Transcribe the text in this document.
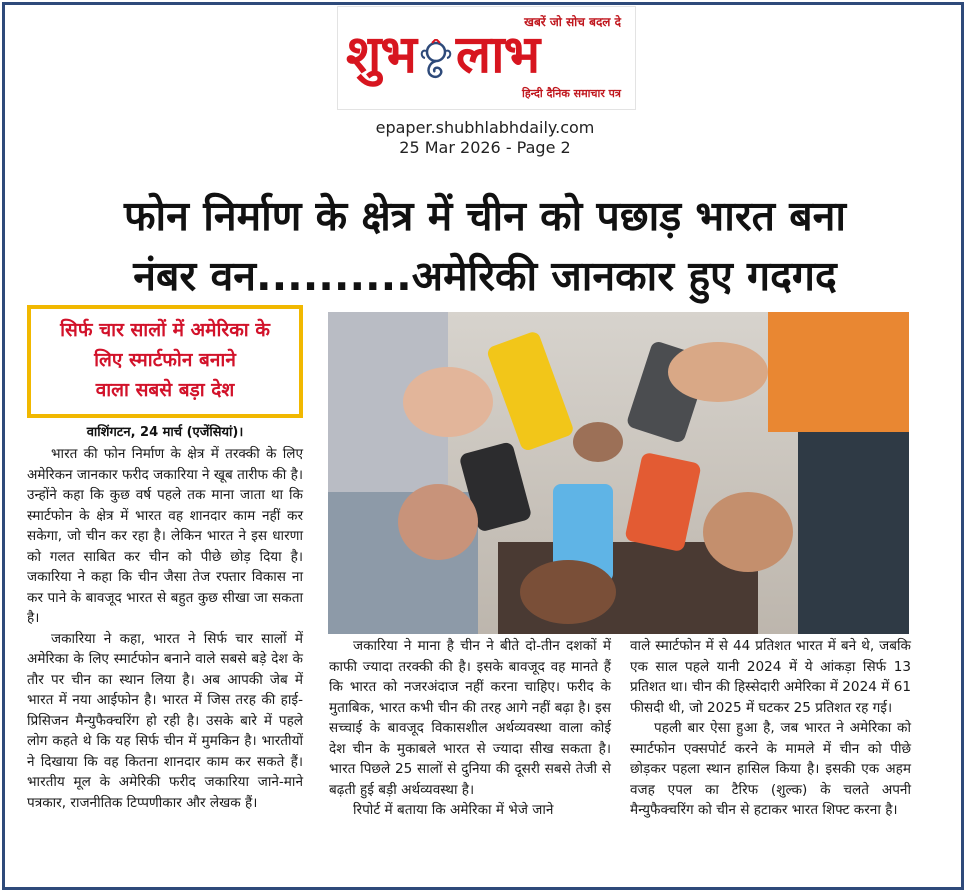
खबरें जो सोच बदल दे
शुभ लाभ
हिन्दी दैनिक समाचार पत्र
epaper.shubhlabhdaily.com
25 Mar 2026 - Page 2
फोन निर्माण के क्षेत्र में चीन को पछाड़ भारत बना
नंबर वन..........अमेरिकी जानकार हुए गदगद
सिर्फ चार सालों में अमेरिका के
लिए स्मार्टफोन बनाने
वाला सबसे बड़ा देश
वाशिंगटन, 24 मार्च (एजेंसियां)।

भारत की फोन निर्माण के क्षेत्र में तरक्की के लिए अमेरिकन जानकार फरीद जकारिया ने खूब तारीफ की है। उन्होंने कहा कि कुछ वर्ष पहले तक माना जाता था कि स्मार्टफोन के क्षेत्र में भारत वह शानदार काम नहीं कर सकेगा, जो चीन कर रहा है। लेकिन भारत ने इस धारणा को गलत साबित कर चीन को पीछे छोड़ दिया है। जकारिया ने कहा कि चीन जैसा तेज रफ्तार विकास ना कर पाने के बावजूद भारत से बहुत कुछ सीखा जा सकता है।

जकारिया ने कहा, भारत ने सिर्फ चार सालों में अमेरिका के लिए स्मार्टफोन बनाने वाले सबसे बड़े देश के तौर पर चीन का स्थान लिया है। अब आपकी जेब में भारत में नया आईफोन है। भारत में जिस तरह की हाई-प्रिसिजन मैन्युफैक्चरिंग हो रही है। उसके बारे में पहले लोग कहते थे कि यह सिर्फ चीन में मुमकिन है। भारतीयों ने दिखाया कि वह कितना शानदार काम कर सकते हैं। भारतीय मूल के अमेरिकी फरीद जकारिया जाने-माने पत्रकार, राजनीतिक टिप्पणीकार और लेखक हैं।

जकारिया ने माना है चीन ने बीते दो-तीन दशकों में काफी ज्यादा तरक्की की है। इसके बावजूद वह मानते हैं कि भारत को नजरअंदाज नहीं करना चाहिए। फरीद के मुताबिक, भारत कभी चीन की तरह आगे नहीं बढ़ा है। इस सच्चाई के बावजूद विकासशील अर्थव्यवस्था वाला कोई देश चीन के मुकाबले भारत से ज्यादा सीख सकता है। भारत पिछले 25 सालों से दुनिया की दूसरी सबसे तेजी से बढ़ती हुई बड़ी अर्थव्यवस्था है।

रिपोर्ट में बताया कि अमेरिका में भेजे जाने

वाले स्मार्टफोन में से 44 प्रतिशत भारत में बने थे, जबकि एक साल पहले यानी 2024 में ये आंकड़ा सिर्फ 13 प्रतिशत था। चीन की हिस्सेदारी अमेरिका में 2024 में 61 फीसदी थी, जो 2025 में घटकर 25 प्रतिशत रह गई।

पहली बार ऐसा हुआ है, जब भारत ने अमेरिका को स्मार्टफोन एक्सपोर्ट करने के मामले में चीन को पीछे छोड़कर पहला स्थान हासिल किया है। इसकी एक अहम वजह एपल का टैरिफ (शुल्क) के चलते अपनी मैन्युफैक्चरिंग को चीन से हटाकर भारत शिफ्ट करना है।
